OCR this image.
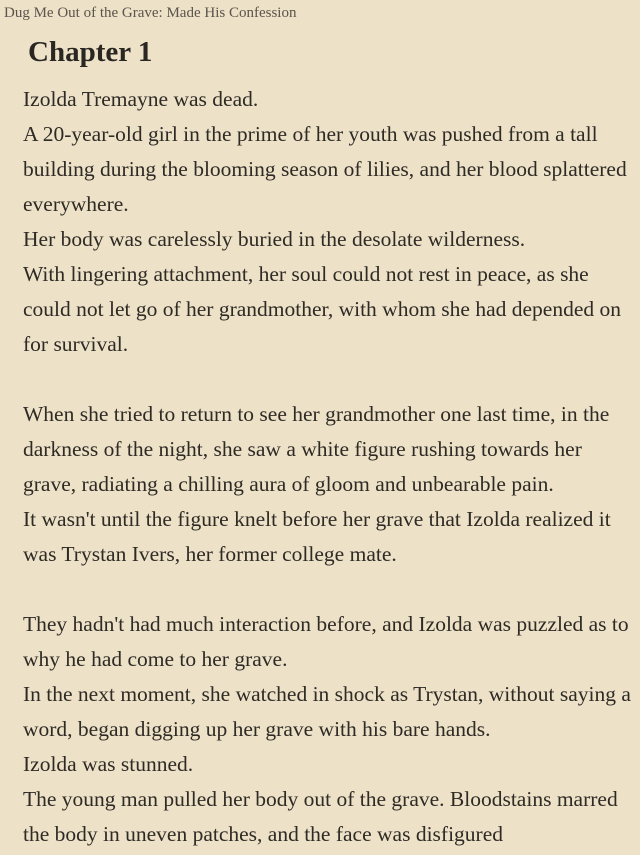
Dug Me Out of the Grave: Made His Confession
Chapter 1

Izolda Tremayne was dead.

A 20-year-old girl in the prime of her youth was pushed from a tall building during the blooming season of lilies, and her blood splattered everywhere.

Her body was carelessly buried in the desolate wilderness.

With lingering attachment, her soul could not rest in peace, as she could not let go of her grandmother, with whom she had depended on for survival.

When she tried to return to see her grandmother one last time, in the darkness of the night, she saw a white figure rushing towards her grave, radiating a chilling aura of gloom and unbearable pain.

It wasn't until the figure knelt before her grave that Izolda realized it was Trystan Ivers, her former college mate.

They hadn't had much interaction before, and Izolda was puzzled as to why he had come to her grave.

In the next moment, she watched in shock as Trystan, without saying a word, began digging up her grave with his bare hands.

Izolda was stunned.

The young man pulled her body out of the grave. Bloodstains marred the body in uneven patches, and the face was disfigured
